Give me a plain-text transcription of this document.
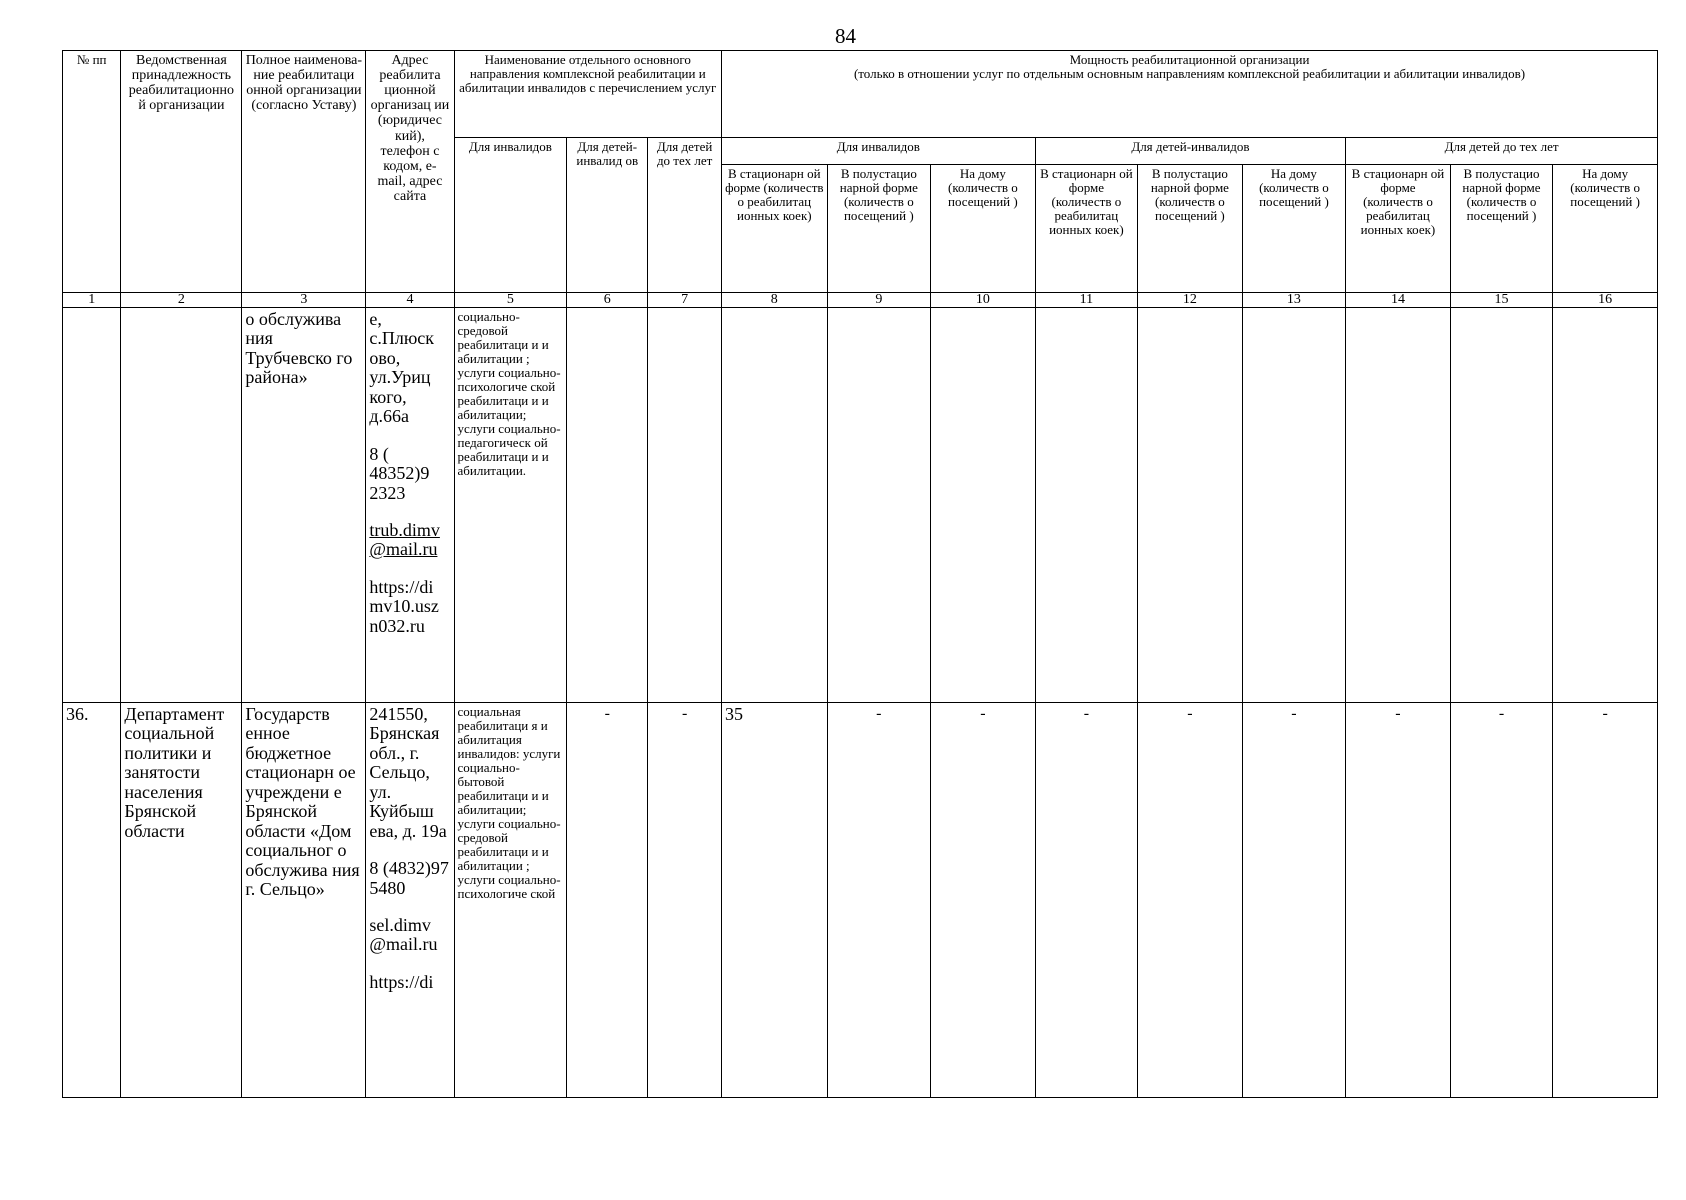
84
№ пп	Ведомственная принадлежность реабилитационно й организации	Полное наименова-ние реабилитаци онной организации (согласно Уставу)	Адрес реабилита ционной организац ии (юридичес кий), телефон с кодом, e-mail, адрес сайта	Наименование отдельного основного направления комплексной реабилитации и абилитации инвалидов с перечислением услуг			Мощность реабилитационной организации
(только в отношении услуг по отдельным основным направлениям комплексной реабилитации и абилитации инвалидов)								
				Для инвалидов	Для детей-инвалид ов	Для детей до тех лет	Для инвалидов			Для детей-инвалидов			Для детей до тех лет		
							В стационарн ой форме (количеств о реабилитац ионных коек)	В полустацио нарной форме (количеств о посещений )	На дому (количеств о посещений )	В стационарн ой форме (количеств о реабилитац ионных коек)	В полустацио нарной форме (количеств о посещений )	На дому (количеств о посещений )	В стационарн ой форме (количеств о реабилитац ионных коек)	В полустацио нарной форме (количеств о посещений )	На дому (количеств о посещений )
1	2	3	4	5	6	7	8	9	10	11	12	13	14	15	16
		о обслужива ния Трубчевско го района»	е, с.Плюск ово, ул.Уриц кого, д.66а
8 ( 48352)9 2323
trub.dimv @mail.ru
https://di mv10.usz n032.ru	социально-средовой реабилитаци и и абилитации ; услуги социально-психологиче ской реабилитаци и и абилитации; услуги социально-педагогическ ой реабилитаци и и абилитации.											
36.	Департамент социальной политики и занятости населения Брянской области	Государств енное бюджетное стационарн ое учреждени е Брянской области «Дом социальног о обслужива ния г. Сельцо»	241550, Брянская обл., г. Сельцо, ул. Куйбыш ева, д. 19а
8 (4832)97 5480
sel.dimv @mail.ru
https://di	социальная реабилитаци я и абилитация инвалидов: услуги социально-бытовой реабилитаци и и абилитации; услуги социально-средовой реабилитаци и и абилитации ; услуги социально-психологиче ской	-	-	35	-	-	-	-	-	-	-	-
